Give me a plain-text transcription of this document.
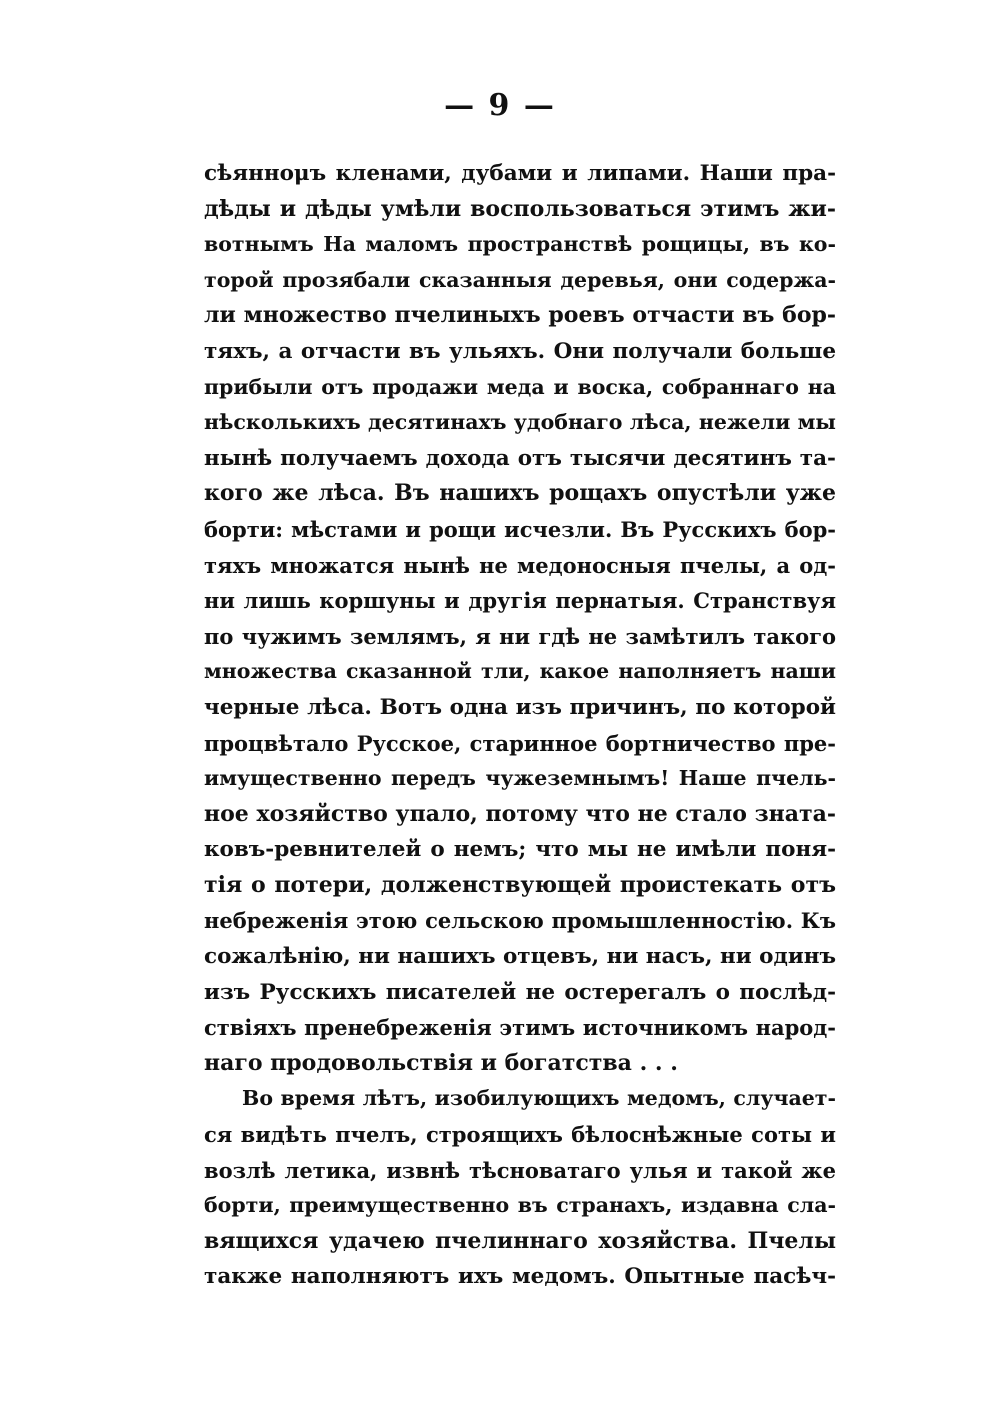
— 9 —
сѣяннομъ кленами, дубами и липами. Наши пра-
дѣды и дѣды умѣли воспользоваться этимъ жи-
вотнымъ На маломъ пространствѣ рощицы, въ ко-
торой прозябали сказанныя деревья, они содержа-
ли множество пчелиныхъ роевъ отчасти въ бор-
тяхъ, а отчасти въ ульяхъ. Они получали больше
прибыли отъ продажи меда и воска, собраннаго на
нѣсколькихъ десятинахъ удобнаго лѣса, нежели мы
нынѣ получаемъ дохода отъ тысячи десятинъ та-
кого же лѣса. Въ нашихъ рощахъ опустѣли уже
борти: мѣстами и рощи исчезли. Въ Русскихъ бор-
тяхъ множатся нынѣ не медоносныя пчелы, а од-
ни лишь коршуны и другія пернатыя. Странствуя
по чужимъ землямъ, я ни гдѣ не замѣтилъ такого
множества сказанной тли, какое наполняетъ наши
черные лѣса. Вотъ одна изъ причинъ, по которой
процвѣтало Русское, старинное бортничество пре-
имущественно передъ чужеземнымъ! Наше пчель-
ное хозяйство упало, потому что не стало зната-
ковъ-ревнителей о немъ; что мы не имѣли поня-
тія о потери, долженствующей проистекать отъ
небреженія этою сельскою промышленностію. Къ
сожалѣнію, ни нашихъ отцевъ, ни насъ, ни одинъ
изъ Русскихъ писателей не остерегалъ о послѣд-
ствіяхъ пренебреженія этимъ источникомъ народ-
наго продовольствія и богатства . . .
Во время лѣтъ, изобилующихъ медомъ, случает-
ся видѣть пчелъ, строящихъ бѣлоснѣжные соты и
возлѣ летика, извнѣ тѣсноватаго улья и такой же
борти, преимущественно въ странахъ, издавна сла-
вящихся удачею пчелиннаго хозяйства. Пчелы
также наполняютъ ихъ медомъ. Опытные пасѣч-
